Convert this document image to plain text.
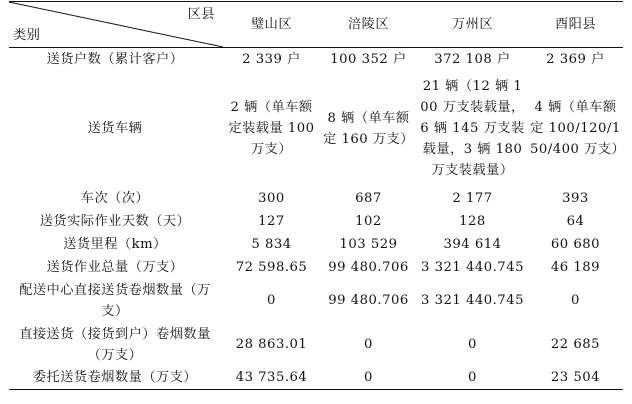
区县
类别	璧山区	涪陵区	万州区	酉阳县
送货户数（累计客户）	2 339 户	100 352 户	372 108 户	2 369 户
送货车辆	2 辆（单车额定装载量 100 万支）	8 辆（单车额定 160 万支）	21 辆（12 辆 100 万支装载量，6 辆 145 万支装载量，3 辆 180 万支装载量）	4 辆（单车额定 100/120/150/400 万支）
车次（次）	300	687	2 177	393
送货实际作业天数（天）	127	102	128	64
送货里程（km）	5 834	103 529	394 614	60 680
送货作业总量（万支）	72 598.65	99 480.706	3 321 440.745	46 189
配送中心直接送货卷烟数量（万支）	0	99 480.706	3 321 440.745	0
直接送货（接货到户）卷烟数量（万支）	28 863.01	0	0	22 685
委托送货卷烟数量（万支）	43 735.64	0	0	23 504
